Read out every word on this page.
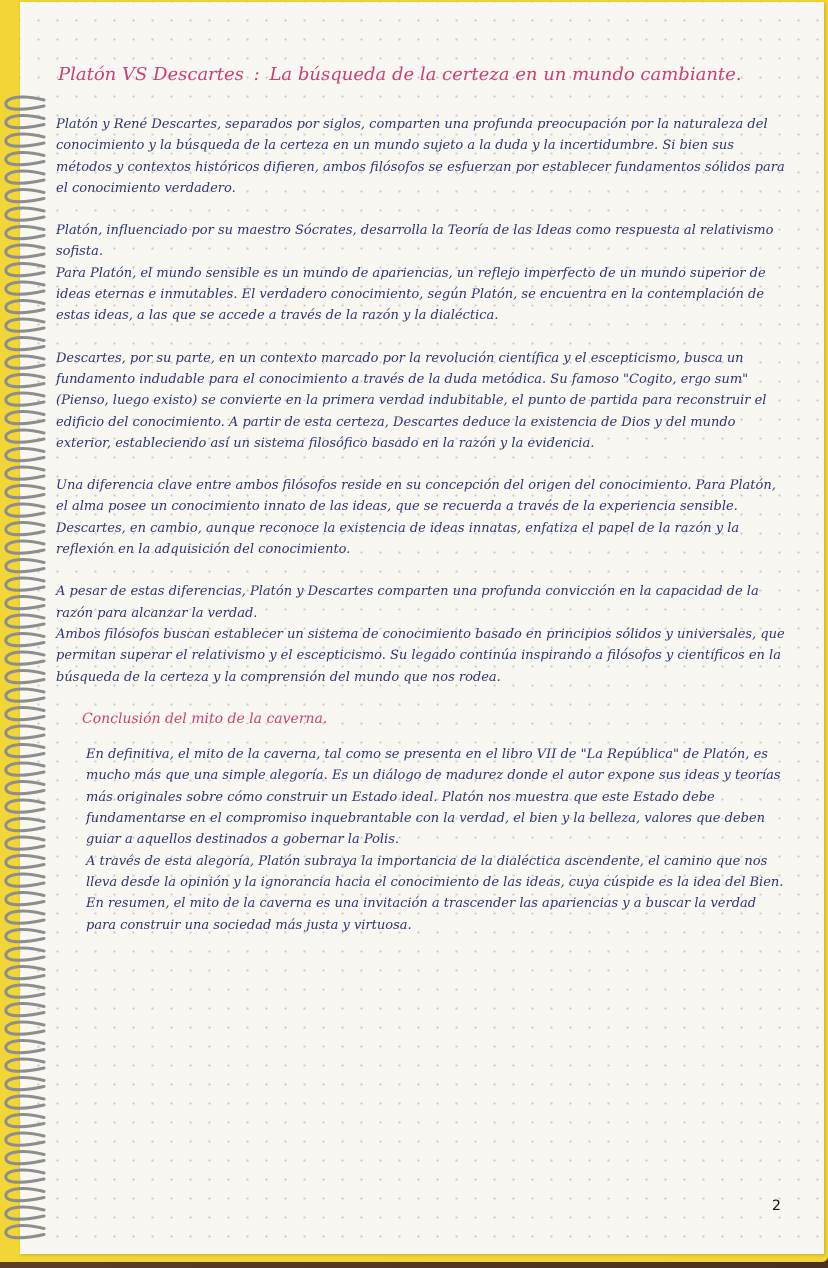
Platón VS Descartes : La búsqueda de la certeza en un mundo cambiante.

Platón y René Descartes, separados por siglos, comparten una profunda preocupación por la naturaleza del conocimiento y la búsqueda de la certeza en un mundo sujeto a la duda y la incertidumbre. Si bien sus métodos y contextos históricos difieren, ambos filósofos se esfuerzan por establecer fundamentos sólidos para el conocimiento verdadero.

Platón, influenciado por su maestro Sócrates, desarrolla la Teoría de las Ideas como respuesta al relativismo sofista.

Para Platón, el mundo sensible es un mundo de apariencias, un reflejo imperfecto de un mundo superior de ideas eternas e inmutables. El verdadero conocimiento, según Platón, se encuentra en la contemplación de estas ideas, a las que se accede a través de la razón y la dialéctica.

Descartes, por su parte, en un contexto marcado por la revolución científica y el escepticismo, busca un fundamento indudable para el conocimiento a través de la duda metódica. Su famoso "Cogito, ergo sum" (Pienso, luego existo) se convierte en la primera verdad indubitable, el punto de partida para reconstruir el edificio del conocimiento. A partir de esta certeza, Descartes deduce la existencia de Dios y del mundo exterior, estableciendo así un sistema filosófico basado en la razón y la evidencia.

Una diferencia clave entre ambos filósofos reside en su concepción del origen del conocimiento. Para Platón, el alma posee un conocimiento innato de las ideas, que se recuerda a través de la experiencia sensible.

Descartes, en cambio, aunque reconoce la existencia de ideas innatas, enfatiza el papel de la razón y la reflexión en la adquisición del conocimiento.

A pesar de estas diferencias, Platón y Descartes comparten una profunda convicción en la capacidad de la razón para alcanzar la verdad.

Ambos filósofos buscan establecer un sistema de conocimiento basado en principios sólidos y universales, que permitan superar el relativismo y el escepticismo. Su legado continúa inspirando a filósofos y científicos en la búsqueda de la certeza y la comprensión del mundo que nos rodea.

Conclusión del mito de la caverna.

En definitiva, el mito de la caverna, tal como se presenta en el libro VII de "La República" de Platón, es mucho más que una simple alegoría. Es un diálogo de madurez donde el autor expone sus ideas y teorías más originales sobre cómo construir un Estado ideal. Platón nos muestra que este Estado debe fundamentarse en el compromiso inquebrantable con la verdad, el bien y la belleza, valores que deben guiar a aquellos destinados a gobernar la Polis.

A través de esta alegoría, Platón subraya la importancia de la dialéctica ascendente, el camino que nos lleva desde la opinión y la ignorancia hacia el conocimiento de las ideas, cuya cúspide es la idea del Bien.

En resumen, el mito de la caverna es una invitación a trascender las apariencias y a buscar la verdad para construir una sociedad más justa y virtuosa.

2
